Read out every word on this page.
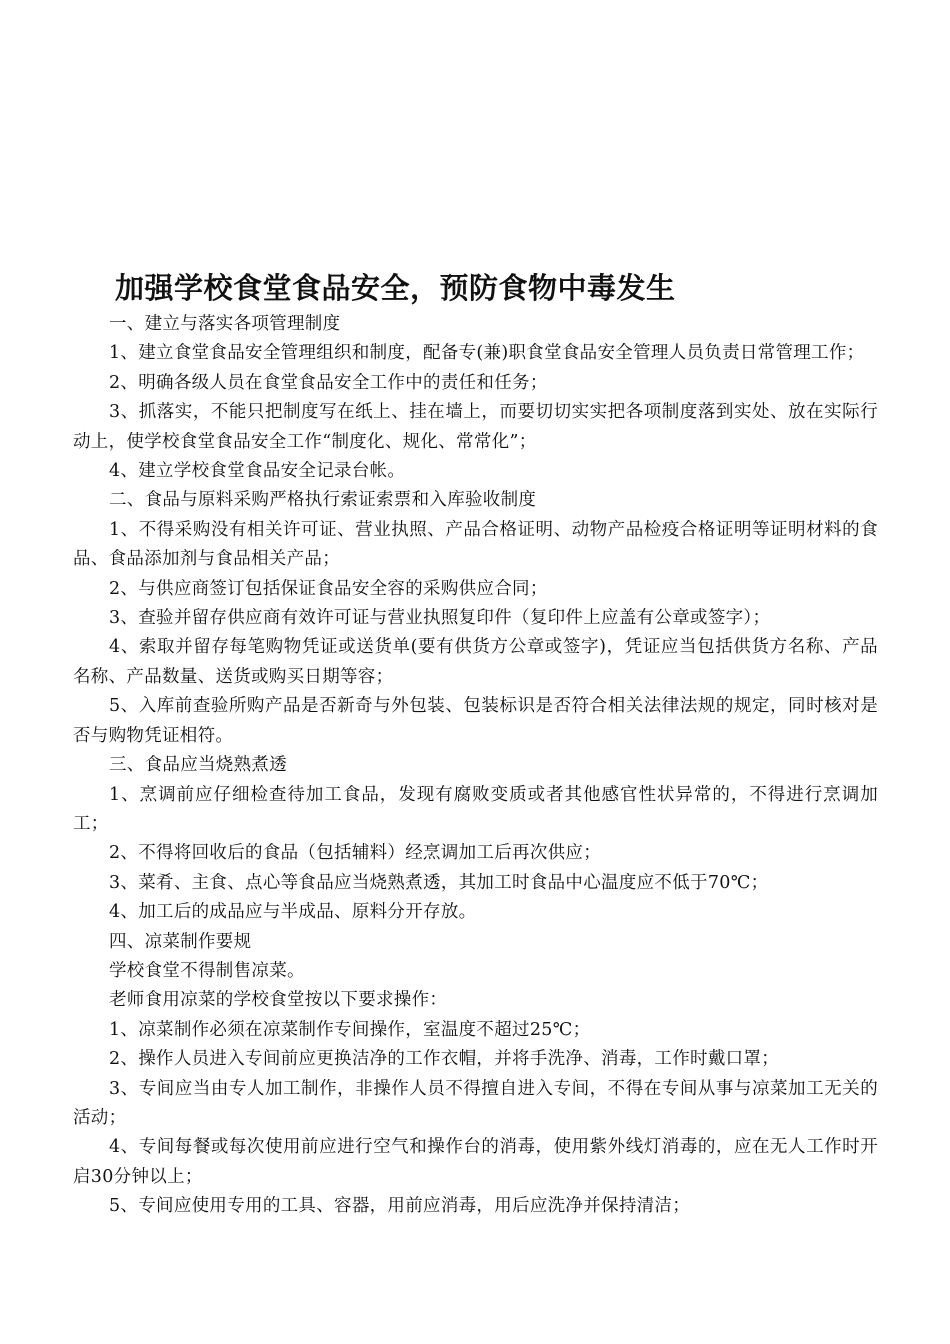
加强学校食堂食品安全，预防食物中毒发生

一、建立与落实各项管理制度

1、建立食堂食品安全管理组织和制度，配备专(兼)职食堂食品安全管理人员负责日常管理工作；

2、明确各级人员在食堂食品安全工作中的责任和任务；

3、抓落实，不能只把制度写在纸上、挂在墙上，而要切切实实把各项制度落到实处、放在实际行动上，使学校食堂食品安全工作“制度化、规化、常常化”；

4、建立学校食堂食品安全记录台帐。

二、食品与原料采购严格执行索证索票和入库验收制度

1、不得采购没有相关许可证、营业执照、产品合格证明、动物产品检疫合格证明等证明材料的食品、食品添加剂与食品相关产品；

2、与供应商签订包括保证食品安全容的采购供应合同；

3、查验并留存供应商有效许可证与营业执照复印件（复印件上应盖有公章或签字）；

4、索取并留存每笔购物凭证或送货单(要有供货方公章或签字)，凭证应当包括供货方名称、产品名称、产品数量、送货或购买日期等容；

5、入库前查验所购产品是否新奇与外包装、包装标识是否符合相关法律法规的规定，同时核对是否与购物凭证相符。

三、食品应当烧熟煮透

1、烹调前应仔细检查待加工食品，发现有腐败变质或者其他感官性状异常的，不得进行烹调加工；

2、不得将回收后的食品（包括辅料）经烹调加工后再次供应；

3、菜肴、主食、点心等食品应当烧熟煮透，其加工时食品中心温度应不低于70℃；

4、加工后的成品应与半成品、原料分开存放。

四、凉菜制作要规

学校食堂不得制售凉菜。

老师食用凉菜的学校食堂按以下要求操作：

1、凉菜制作必须在凉菜制作专间操作，室温度不超过25℃；

2、操作人员进入专间前应更换洁净的工作衣帽，并将手洗净、消毒，工作时戴口罩；

3、专间应当由专人加工制作，非操作人员不得擅自进入专间，不得在专间从事与凉菜加工无关的活动；

4、专间每餐或每次使用前应进行空气和操作台的消毒，使用紫外线灯消毒的，应在无人工作时开启30分钟以上；

5、专间应使用专用的工具、容器，用前应消毒，用后应洗净并保持清洁；
